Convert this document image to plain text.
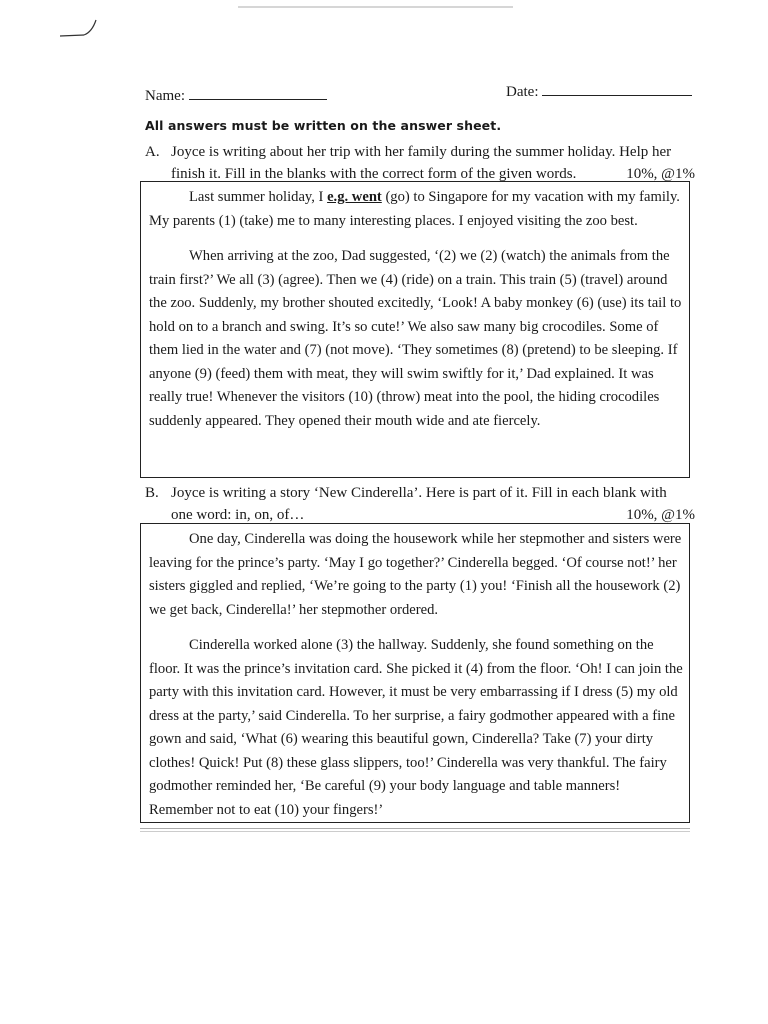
Name:	Date:
All answers must be written on the answer sheet.
A. Joyce is writing about her trip with her family during the summer holiday. Help her
finish it. Fill in the blanks with the correct form of the given words.	10%, @1%

Last summer holiday, I e.g. went (go) to Singapore for my vacation with my family. My parents (1) (take) me to many interesting places. I enjoyed visiting the zoo best.

When arriving at the zoo, Dad suggested, ‘(2) we (2) (watch) the animals from the train first?’ We all (3) (agree). Then we (4) (ride) on a train. This train (5) (travel) around the zoo. Suddenly, my brother shouted excitedly, ‘Look! A baby monkey (6) (use) its tail to hold on to a branch and swing. It’s so cute!’ We also saw many big crocodiles. Some of them lied in the water and (7) (not move). ‘They sometimes (8) (pretend) to be sleeping. If anyone (9) (feed) them with meat, they will swim swiftly for it,’ Dad explained. It was really true! Whenever the visitors (10) (throw) meat into the pool, the hiding crocodiles suddenly appeared. They opened their mouth wide and ate fiercely.

B. Joyce is writing a story ‘New Cinderella’. Here is part of it. Fill in each blank with
one word: in, on, of…	10%, @1%

One day, Cinderella was doing the housework while her stepmother and sisters were leaving for the prince’s party. ‘May I go together?’ Cinderella begged. ‘Of course not!’ her sisters giggled and replied, ‘We’re going to the party (1) you! ‘Finish all the housework (2) we get back, Cinderella!’ her stepmother ordered.

Cinderella worked alone (3) the hallway. Suddenly, she found something on the floor. It was the prince’s invitation card. She picked it (4) from the floor. ‘Oh! I can join the party with this invitation card. However, it must be very embarrassing if I dress (5) my old dress at the party,’ said Cinderella. To her surprise, a fairy godmother appeared with a fine gown and said, ‘What (6) wearing this beautiful gown, Cinderella? Take (7) your dirty clothes! Quick! Put (8) these glass slippers, too!’ Cinderella was very thankful. The fairy godmother reminded her, ‘Be careful (9) your body language and table manners! Remember not to eat (10) your fingers!’
